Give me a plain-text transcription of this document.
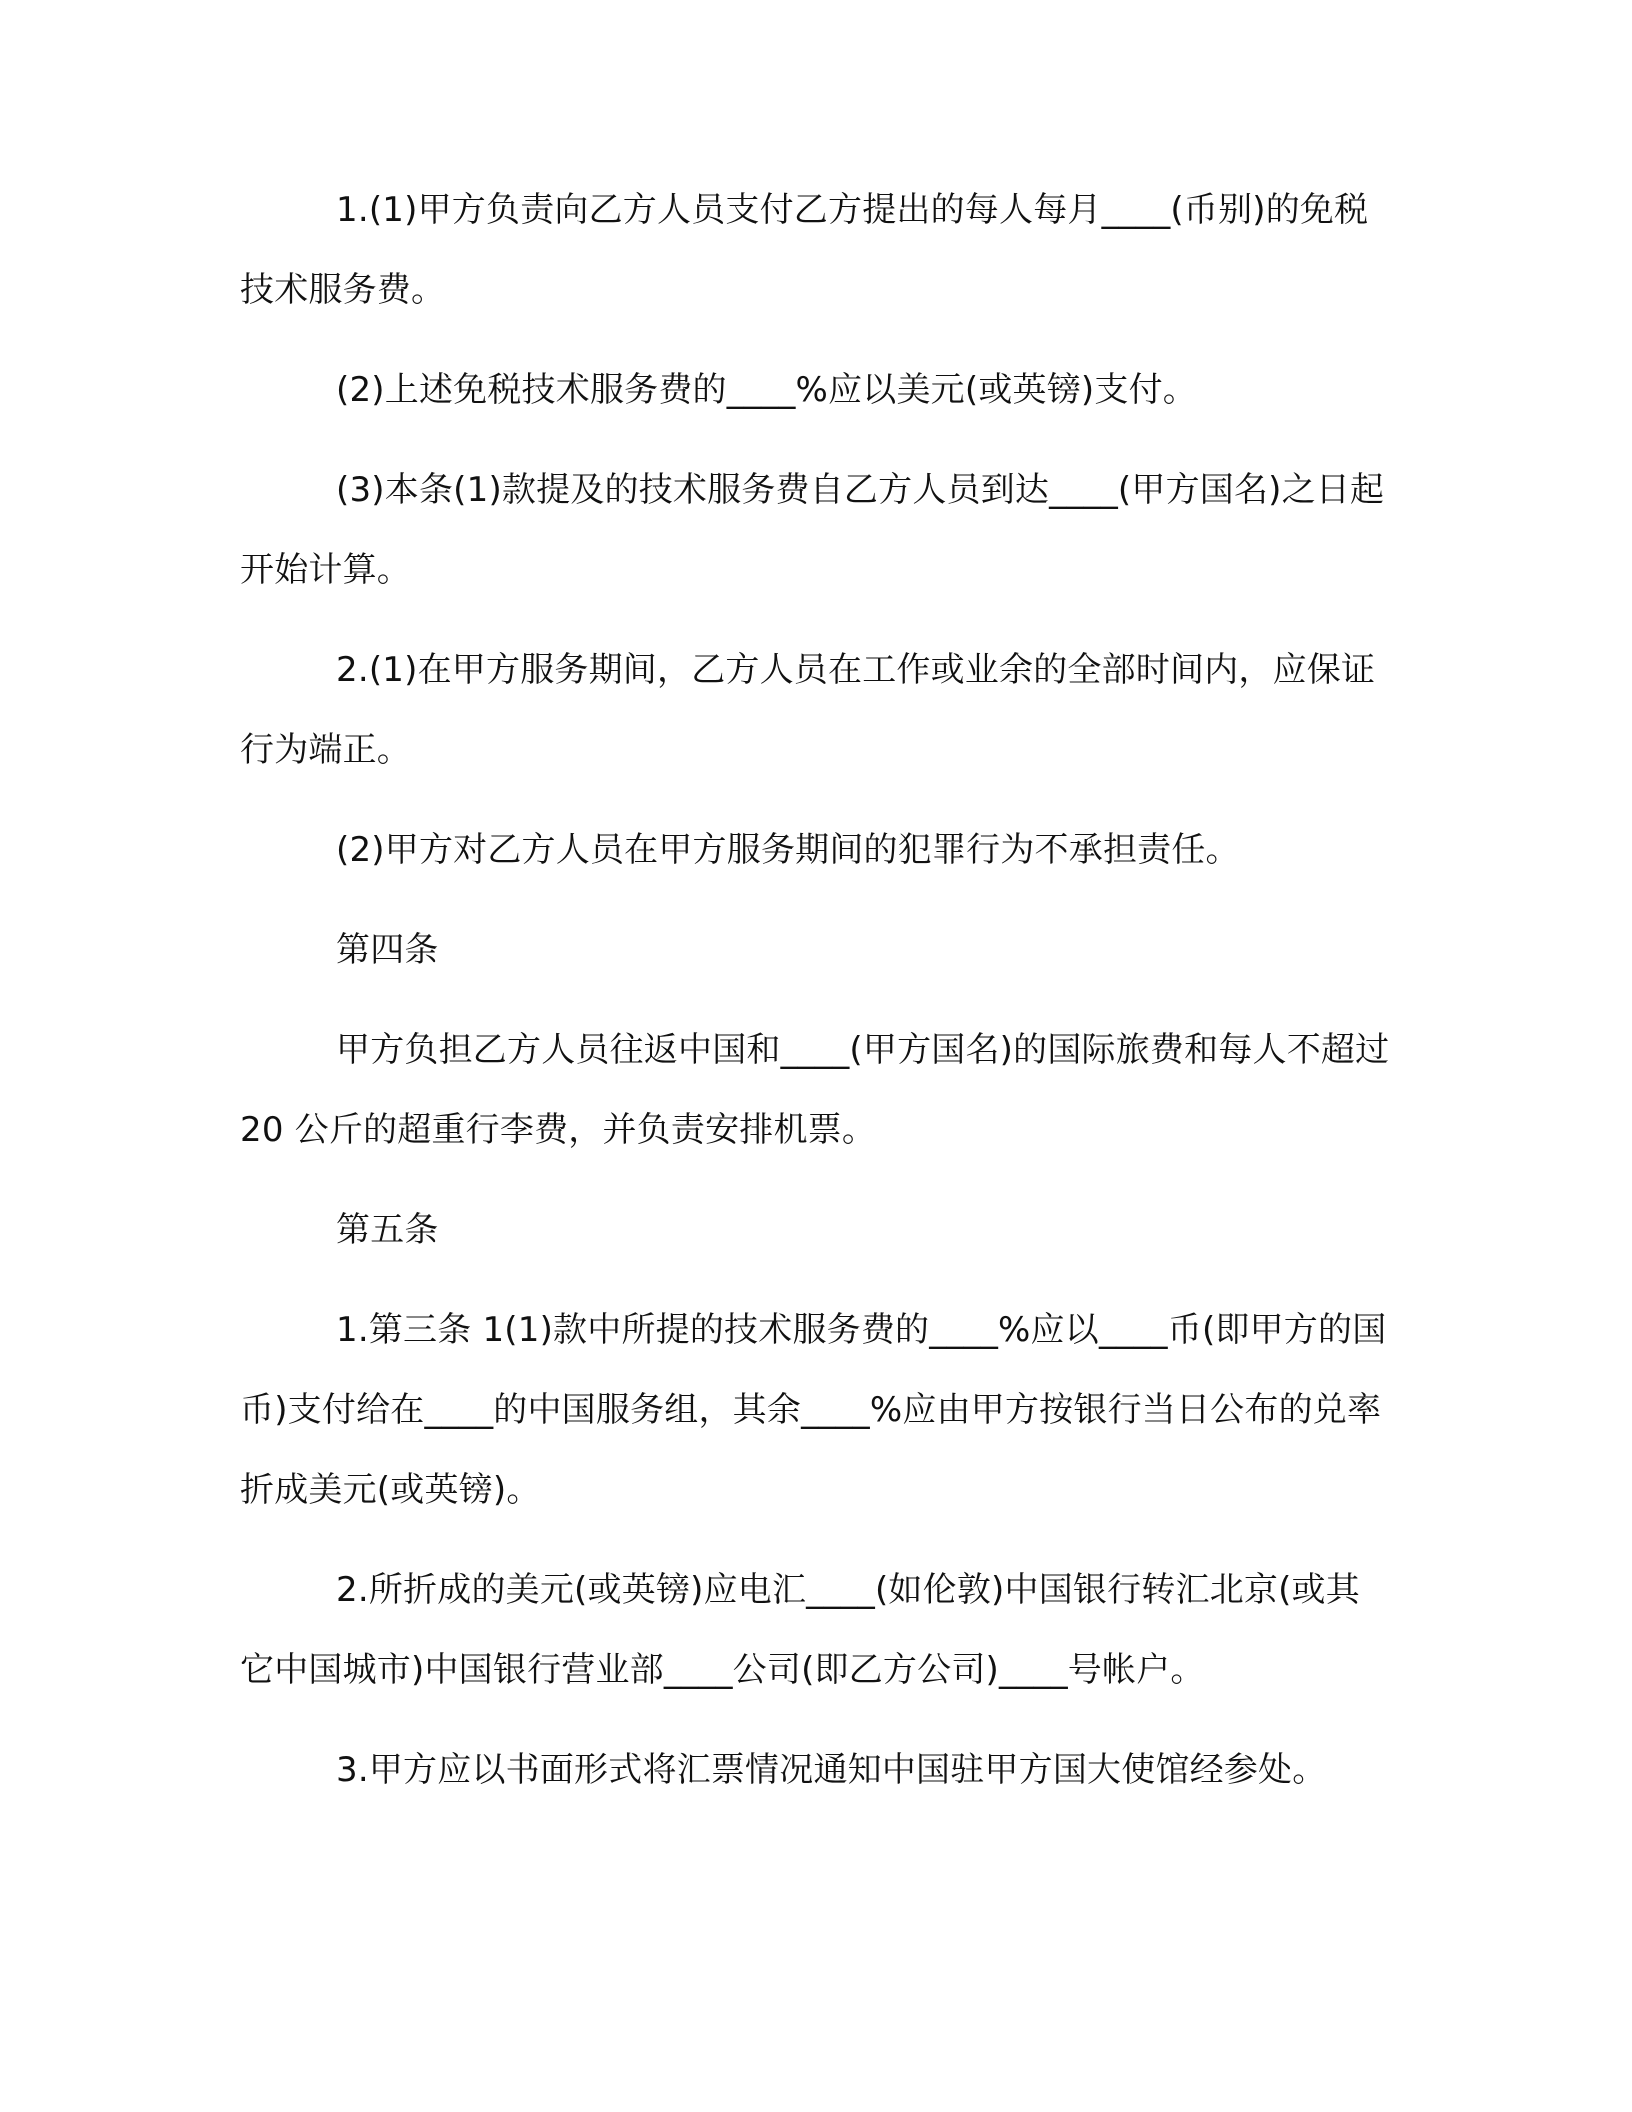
1.(1)甲方负责向乙方人员支付乙方提出的每人每月____(币别)的免税技术服务费。

(2)上述免税技术服务费的____%应以美元(或英镑)支付。

(3)本条(1)款提及的技术服务费自乙方人员到达____(甲方国名)之日起开始计算。

2.(1)在甲方服务期间，乙方人员在工作或业余的全部时间内，应保证行为端正。

(2)甲方对乙方人员在甲方服务期间的犯罪行为不承担责任。

第四条

甲方负担乙方人员往返中国和____(甲方国名)的国际旅费和每人不超过 20 公斤的超重行李费，并负责安排机票。

第五条

1.第三条 1(1)款中所提的技术服务费的____%应以____币(即甲方的国币)支付给在____的中国服务组，其余____%应由甲方按银行当日公布的兑率折成美元(或英镑)。

2.所折成的美元(或英镑)应电汇____(如伦敦)中国银行转汇北京(或其它中国城市)中国银行营业部____公司(即乙方公司)____号帐户。

3.甲方应以书面形式将汇票情况通知中国驻甲方国大使馆经参处。
